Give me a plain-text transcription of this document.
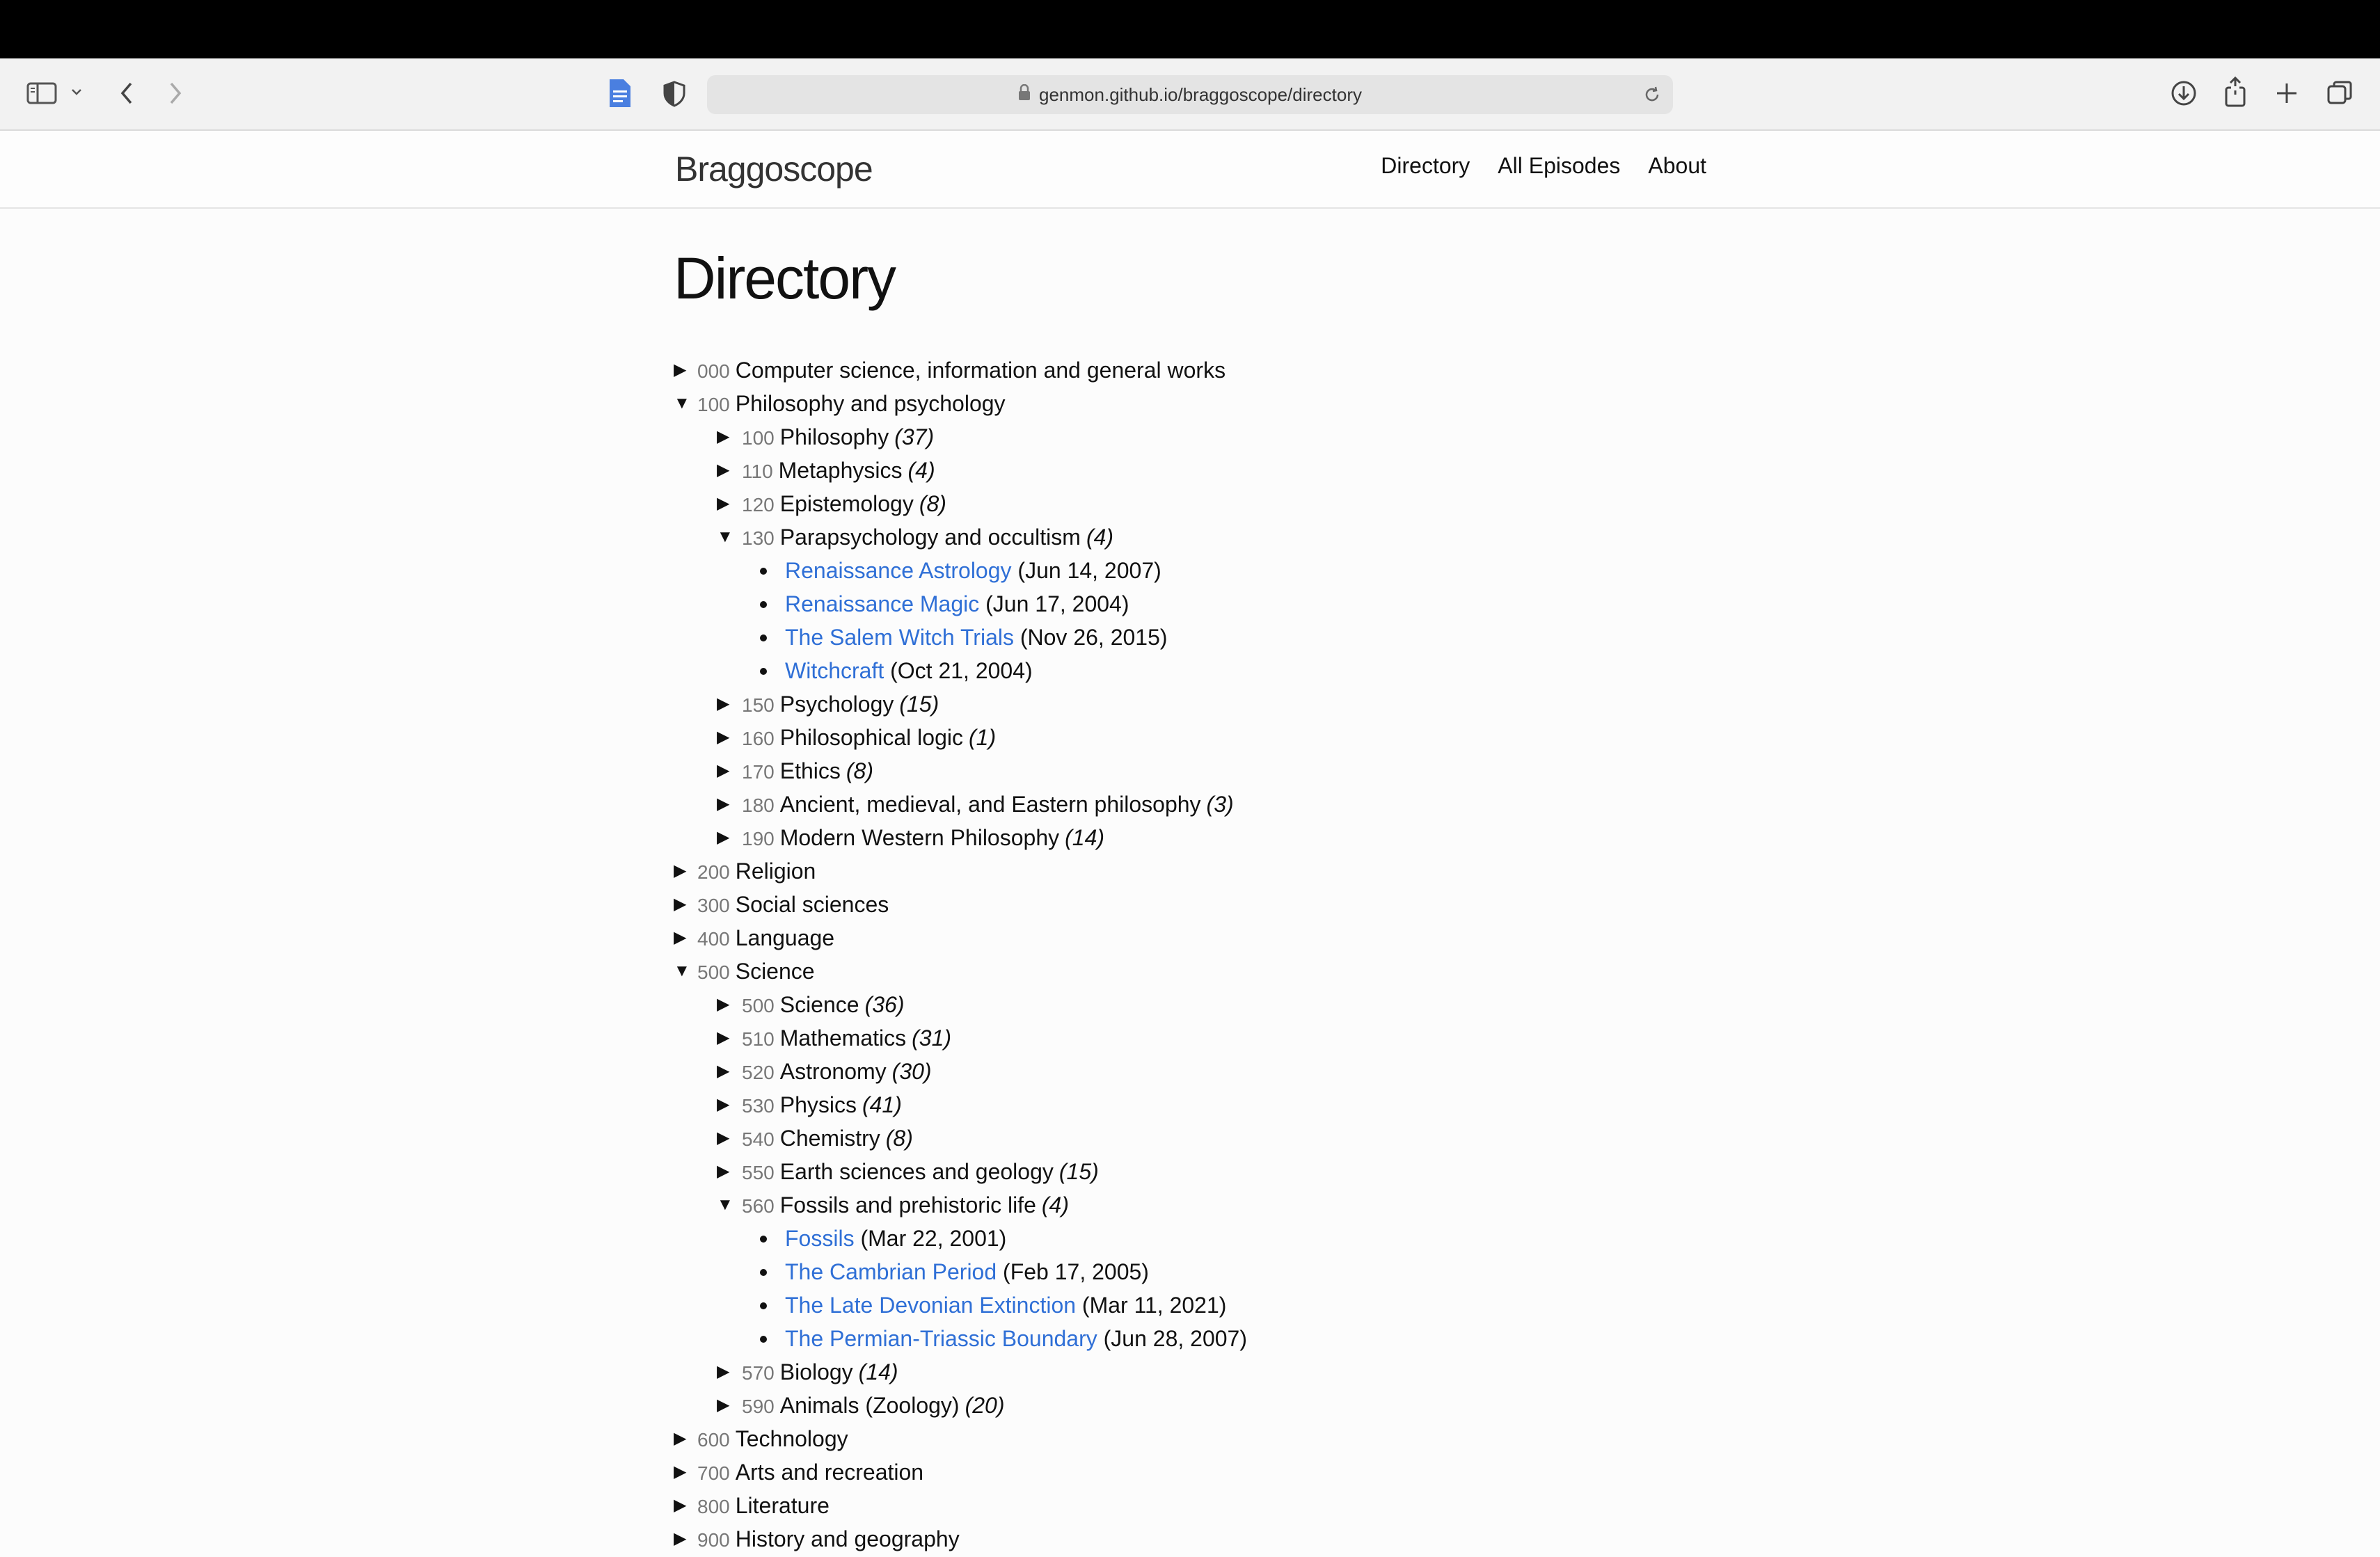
genmon.github.io/braggoscope/directory
Braggoscope	Directory All Episodes About
Directory
▶ 000 Computer science, information and general works
▼ 100 Philosophy and psychology
▶ 100 Philosophy (37)
▶ 110 Metaphysics (4)
▶ 120 Epistemology (8)
▼ 130 Parapsychology and occultism (4)
Renaissance Astrology (Jun 14, 2007)
Renaissance Magic (Jun 17, 2004)
The Salem Witch Trials (Nov 26, 2015)
Witchcraft (Oct 21, 2004)
▶ 150 Psychology (15)
▶ 160 Philosophical logic (1)
▶ 170 Ethics (8)
▶ 180 Ancient, medieval, and Eastern philosophy (3)
▶ 190 Modern Western Philosophy (14)
▶ 200 Religion
▶ 300 Social sciences
▶ 400 Language
▼ 500 Science
▶ 500 Science (36)
▶ 510 Mathematics (31)
▶ 520 Astronomy (30)
▶ 530 Physics (41)
▶ 540 Chemistry (8)
▶ 550 Earth sciences and geology (15)
▼ 560 Fossils and prehistoric life (4)
Fossils (Mar 22, 2001)
The Cambrian Period (Feb 17, 2005)
The Late Devonian Extinction (Mar 11, 2021)
The Permian-Triassic Boundary (Jun 28, 2007)
▶ 570 Biology (14)
▶ 590 Animals (Zoology) (20)
▶ 600 Technology
▶ 700 Arts and recreation
▶ 800 Literature
▶ 900 History and geography
